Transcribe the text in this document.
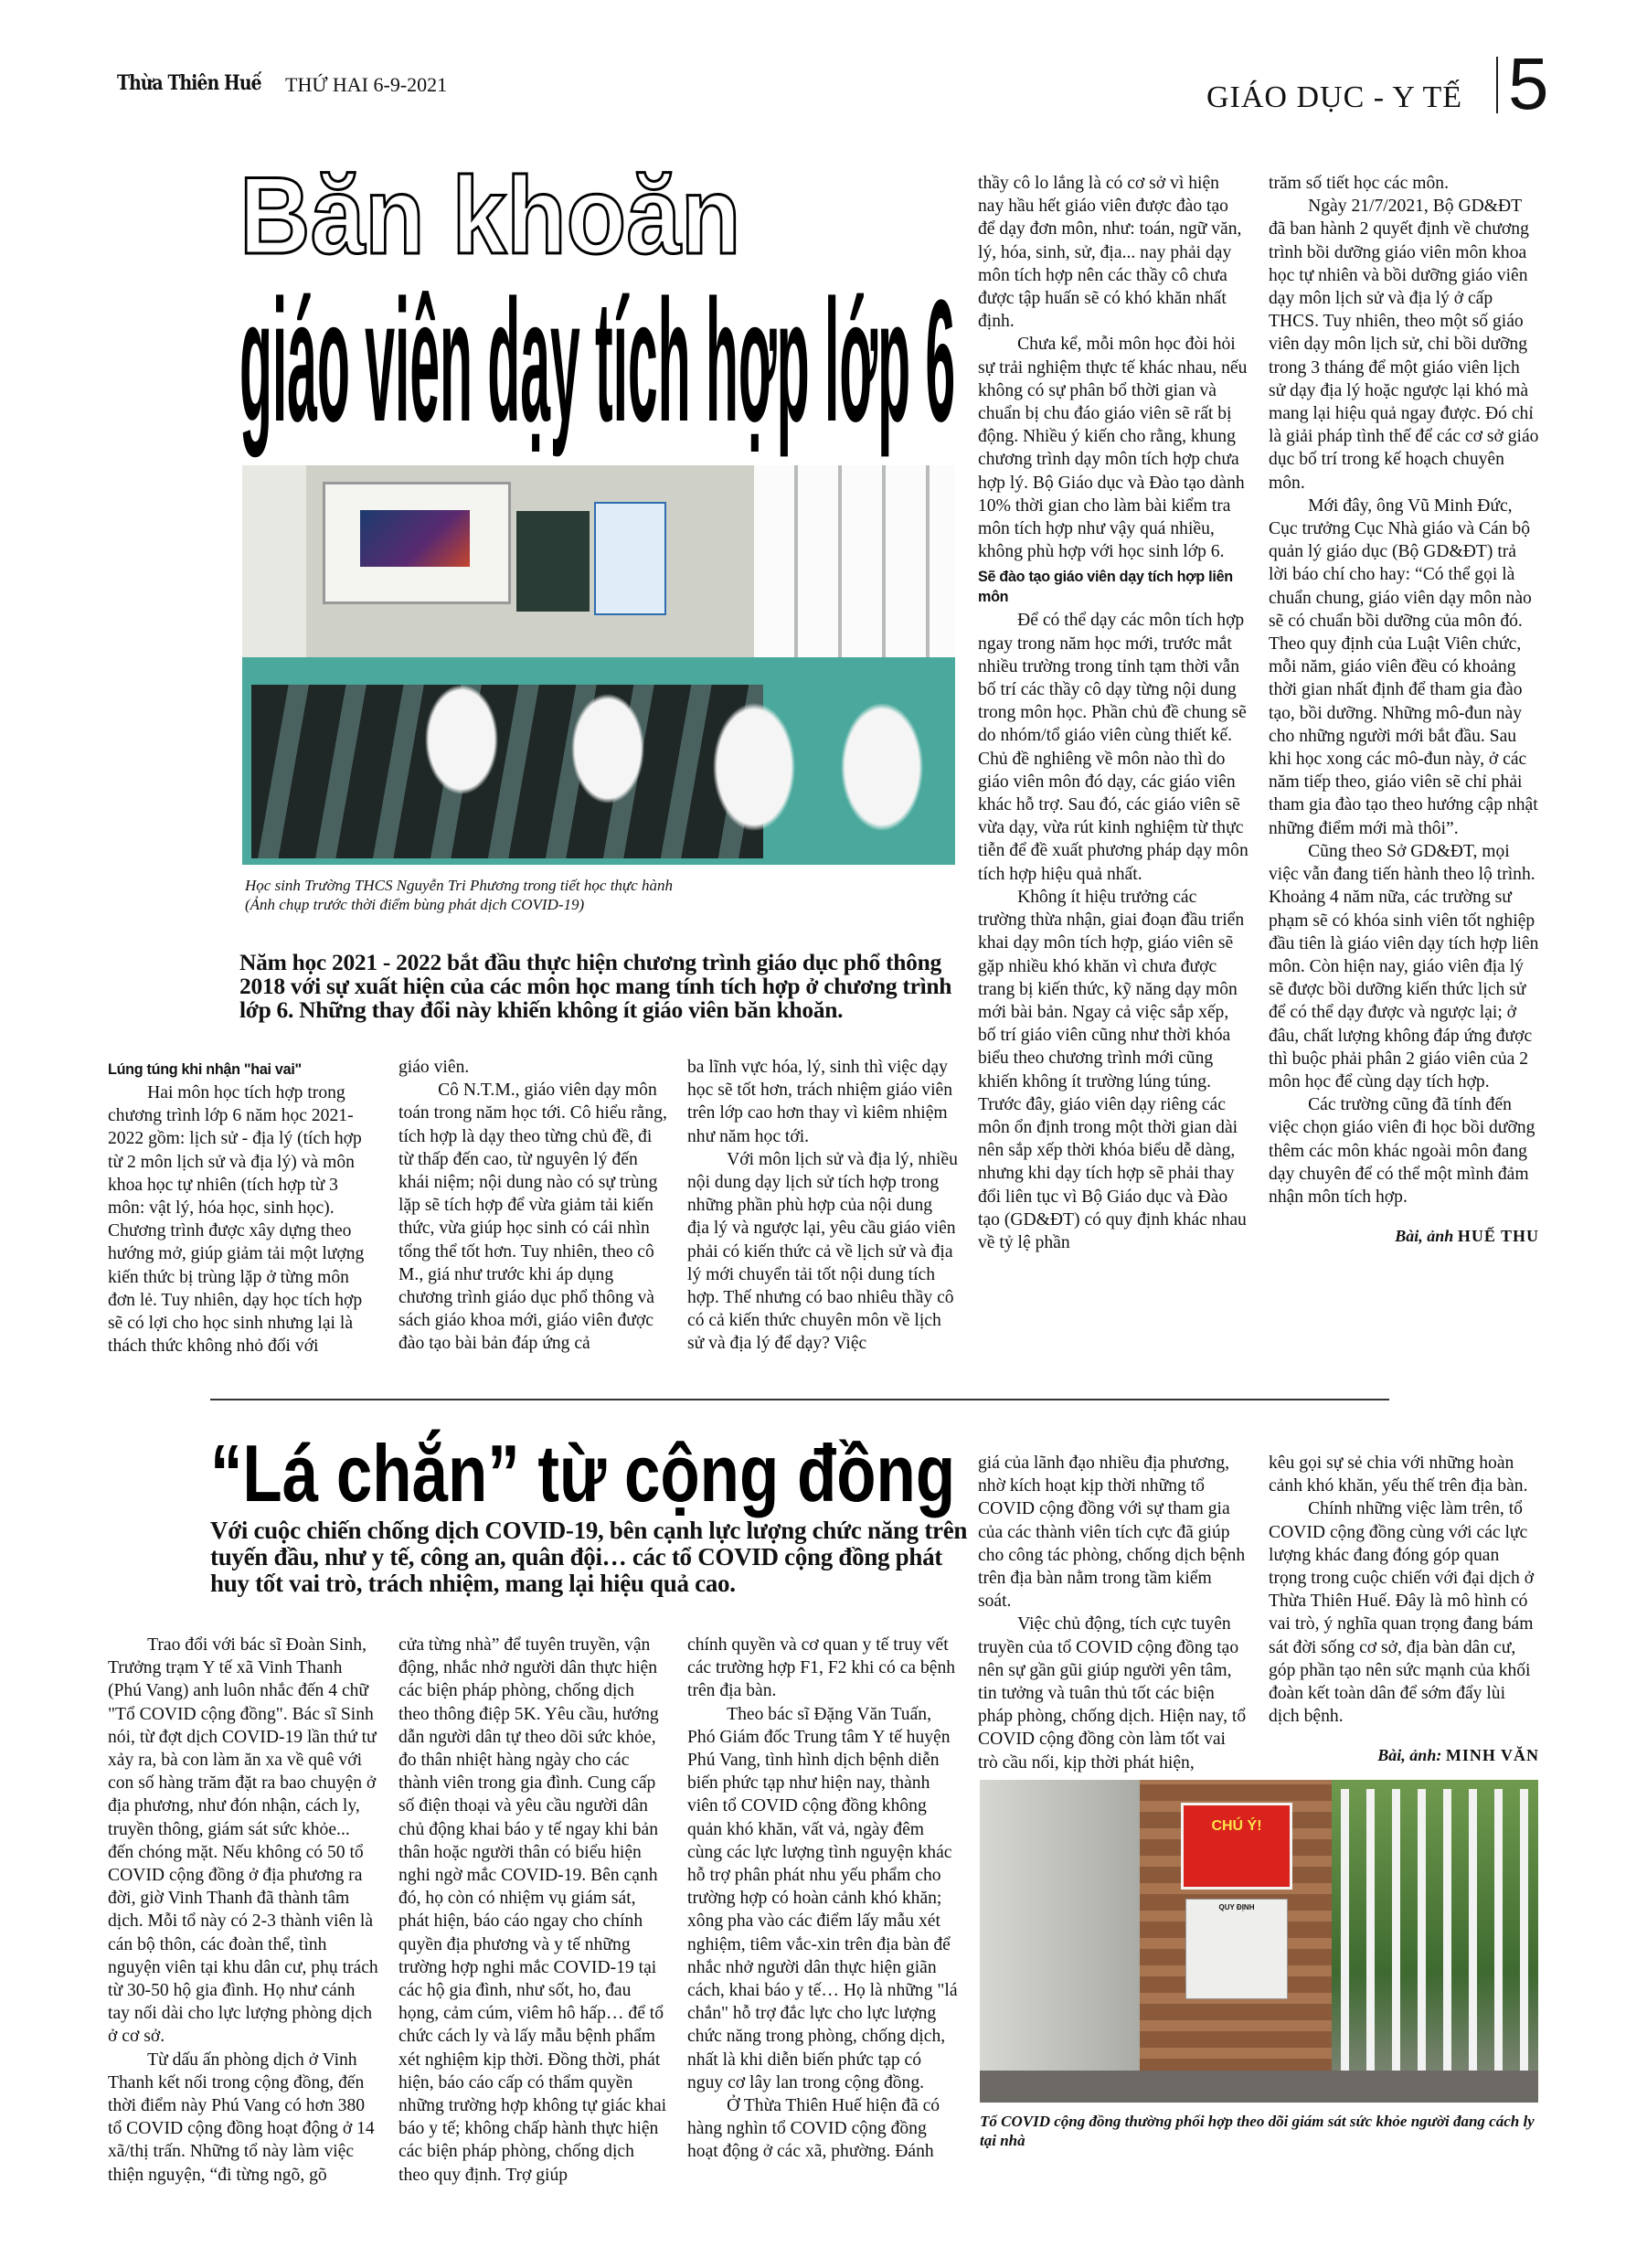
Thừa Thiên Huế THỨ HAI 6-9-2021	GIÁO DỤC - Y TẾ 5
Băn khoăn
giáo viên dạy tích hợp lớp 6
Học sinh Trường THCS Nguyễn Tri Phương trong tiết học thực hành
(Ảnh chụp trước thời điểm bùng phát dịch COVID-19)
Năm học 2021 - 2022 bắt đầu thực hiện chương trình giáo dục phổ thông 2018 với sự xuất hiện của các môn học mang tính tích hợp ở chương trình lớp 6. Những thay đổi này khiến không ít giáo viên băn khoăn.
Lúng túng khi nhận "hai vai"

Hai môn học tích hợp trong chương trình lớp 6 năm học 2021-2022 gồm: lịch sử - địa lý (tích hợp từ 2 môn lịch sử và địa lý) và môn khoa học tự nhiên (tích hợp từ 3 môn: vật lý, hóa học, sinh học). Chương trình được xây dựng theo hướng mở, giúp giảm tải một lượng kiến thức bị trùng lặp ở từng môn đơn lẻ. Tuy nhiên, dạy học tích hợp sẽ có lợi cho học sinh nhưng lại là thách thức không nhỏ đối với

giáo viên.

Cô N.T.M., giáo viên dạy môn toán trong năm học tới. Cô hiểu rằng, tích hợp là dạy theo từng chủ đề, đi từ thấp đến cao, từ nguyên lý đến khái niệm; nội dung nào có sự trùng lặp sẽ tích hợp để vừa giảm tải kiến thức, vừa giúp học sinh có cái nhìn tổng thể tốt hơn. Tuy nhiên, theo cô M., giá như trước khi áp dụng chương trình giáo dục phổ thông và sách giáo khoa mới, giáo viên được đào tạo bài bản đáp ứng cả

ba lĩnh vực hóa, lý, sinh thì việc dạy học sẽ tốt hơn, trách nhiệm giáo viên trên lớp cao hơn thay vì kiêm nhiệm như năm học tới.

Với môn lịch sử và địa lý, nhiều nội dung dạy lịch sử tích hợp trong những phần phù hợp của nội dung địa lý và ngược lại, yêu cầu giáo viên phải có kiến thức cả về lịch sử và địa lý mới chuyển tải tốt nội dung tích hợp. Thế nhưng có bao nhiêu thầy cô có cả kiến thức chuyên môn về lịch sử và địa lý để dạy? Việc

thầy cô lo lắng là có cơ sở vì hiện nay hầu hết giáo viên được đào tạo để dạy đơn môn, như: toán, ngữ văn, lý, hóa, sinh, sử, địa... nay phải dạy môn tích hợp nên các thầy cô chưa được tập huấn sẽ có khó khăn nhất định.

Chưa kể, mỗi môn học đòi hỏi sự trải nghiệm thực tế khác nhau, nếu không có sự phân bổ thời gian và chuẩn bị chu đáo giáo viên sẽ rất bị động. Nhiều ý kiến cho rằng, khung chương trình dạy môn tích hợp chưa hợp lý. Bộ Giáo dục và Đào tạo dành 10% thời gian cho làm bài kiểm tra môn tích hợp như vậy quá nhiều, không phù hợp với học sinh lớp 6.

Sẽ đào tạo giáo viên dạy tích hợp liên môn

Để có thể dạy các môn tích hợp ngay trong năm học mới, trước mắt nhiều trường trong tỉnh tạm thời vẫn bố trí các thầy cô dạy từng nội dung trong môn học. Phần chủ đề chung sẽ do nhóm/tổ giáo viên cùng thiết kế. Chủ đề nghiêng về môn nào thì do giáo viên môn đó dạy, các giáo viên khác hỗ trợ. Sau đó, các giáo viên sẽ vừa dạy, vừa rút kinh nghiệm từ thực tiễn để đề xuất phương pháp dạy môn tích hợp hiệu quả nhất.

Không ít hiệu trưởng các trường thừa nhận, giai đoạn đầu triển khai dạy môn tích hợp, giáo viên sẽ gặp nhiều khó khăn vì chưa được trang bị kiến thức, kỹ năng dạy môn mới bài bản. Ngay cả việc sắp xếp, bố trí giáo viên cũng như thời khóa biểu theo chương trình mới cũng khiến không ít trường lúng túng. Trước đây, giáo viên dạy riêng các môn ổn định trong một thời gian dài nên sắp xếp thời khóa biểu dễ dàng, nhưng khi dạy tích hợp sẽ phải thay đổi liên tục vì Bộ Giáo dục và Đào tạo (GD&ĐT) có quy định khác nhau về tỷ lệ phần

trăm số tiết học các môn.

Ngày 21/7/2021, Bộ GD&ĐT đã ban hành 2 quyết định về chương trình bồi dưỡng giáo viên môn khoa học tự nhiên và bồi dưỡng giáo viên dạy môn lịch sử và địa lý ở cấp THCS. Tuy nhiên, theo một số giáo viên dạy môn lịch sử, chỉ bồi dưỡng trong 3 tháng để một giáo viên lịch sử dạy địa lý hoặc ngược lại khó mà mang lại hiệu quả ngay được. Đó chỉ là giải pháp tình thế để các cơ sở giáo dục bố trí trong kế hoạch chuyên môn.

Mới đây, ông Vũ Minh Đức, Cục trưởng Cục Nhà giáo và Cán bộ quản lý giáo dục (Bộ GD&ĐT) trả lời báo chí cho hay: “Có thể gọi là chuẩn chung, giáo viên dạy môn nào sẽ có chuẩn bồi dưỡng của môn đó. Theo quy định của Luật Viên chức, mỗi năm, giáo viên đều có khoảng thời gian nhất định để tham gia đào tạo, bồi dưỡng. Những mô-đun này cho những người mới bắt đầu. Sau khi học xong các mô-đun này, ở các năm tiếp theo, giáo viên sẽ chỉ phải tham gia đào tạo theo hướng cập nhật những điểm mới mà thôi”.

Cũng theo Sở GD&ĐT, mọi việc vẫn đang tiến hành theo lộ trình. Khoảng 4 năm nữa, các trường sư phạm sẽ có khóa sinh viên tốt nghiệp đầu tiên là giáo viên dạy tích hợp liên môn. Còn hiện nay, giáo viên địa lý sẽ được bồi dưỡng kiến thức lịch sử để có thể dạy được và ngược lại; ở đâu, chất lượng không đáp ứng được thì buộc phải phân 2 giáo viên của 2 môn học để cùng dạy tích hợp.

Các trường cũng đã tính đến việc chọn giáo viên đi học bồi dưỡng thêm các môn khác ngoài môn đang dạy chuyên để có thể một mình đảm nhận môn tích hợp.

Bài, ảnh HUẾ THU
“Lá chắn” từ cộng đồng
Với cuộc chiến chống dịch COVID-19, bên cạnh lực lượng chức năng trên tuyến đầu, như y tế, công an, quân đội… các tổ COVID cộng đồng phát huy tốt vai trò, trách nhiệm, mang lại hiệu quả cao.

Trao đổi với bác sĩ Đoàn Sinh, Trưởng trạm Y tế xã Vinh Thanh (Phú Vang) anh luôn nhắc đến 4 chữ "Tổ COVID cộng đồng". Bác sĩ Sinh nói, từ đợt dịch COVID-19 lần thứ tư xảy ra, bà con làm ăn xa về quê với con số hàng trăm đặt ra bao chuyện ở địa phương, như đón nhận, cách ly, truyền thông, giám sát sức khỏe... đến chóng mặt. Nếu không có 50 tổ COVID cộng đồng ở địa phương ra đời, giờ Vinh Thanh đã thành tâm dịch. Mỗi tổ này có 2-3 thành viên là cán bộ thôn, các đoàn thể, tình nguyện viên tại khu dân cư, phụ trách từ 30-50 hộ gia đình. Họ như cánh tay nối dài cho lực lượng phòng dịch ở cơ sở.

Từ dấu ấn phòng dịch ở Vinh Thanh kết nối trong cộng đồng, đến thời điểm này Phú Vang có hơn 380 tổ COVID cộng đồng hoạt động ở 14 xã/thị trấn. Những tổ này làm việc thiện nguyện, “đi từng ngõ, gõ

cửa từng nhà” để tuyên truyền, vận động, nhắc nhở người dân thực hiện các biện pháp phòng, chống dịch theo thông điệp 5K. Yêu cầu, hướng dẫn người dân tự theo dõi sức khỏe, đo thân nhiệt hàng ngày cho các thành viên trong gia đình. Cung cấp số điện thoại và yêu cầu người dân chủ động khai báo y tế ngay khi bản thân hoặc người thân có biểu hiện nghi ngờ mắc COVID-19. Bên cạnh đó, họ còn có nhiệm vụ giám sát, phát hiện, báo cáo ngay cho chính quyền địa phương và y tế những trường hợp nghi mắc COVID-19 tại các hộ gia đình, như sốt, ho, đau họng, cảm cúm, viêm hô hấp… để tổ chức cách ly và lấy mẫu bệnh phẩm xét nghiệm kịp thời. Đồng thời, phát hiện, báo cáo cấp có thẩm quyền những trường hợp không tự giác khai báo y tế; không chấp hành thực hiện các biện pháp phòng, chống dịch theo quy định. Trợ giúp

chính quyền và cơ quan y tế truy vết các trường hợp F1, F2 khi có ca bệnh trên địa bàn.

Theo bác sĩ Đặng Văn Tuấn, Phó Giám đốc Trung tâm Y tế huyện Phú Vang, tình hình dịch bệnh diễn biến phức tạp như hiện nay, thành viên tổ COVID cộng đồng không quản khó khăn, vất vả, ngày đêm cùng các lực lượng tình nguyện khác hỗ trợ phân phát nhu yếu phẩm cho trường hợp có hoàn cảnh khó khăn; xông pha vào các điểm lấy mẫu xét nghiệm, tiêm vắc-xin trên địa bàn để nhắc nhở người dân thực hiện giãn cách, khai báo y tế… Họ là những "lá chắn" hỗ trợ đắc lực cho lực lượng chức năng trong phòng, chống dịch, nhất là khi diễn biến phức tạp có nguy cơ lây lan trong cộng đồng.

Ở Thừa Thiên Huế hiện đã có hàng nghìn tổ COVID cộng đồng hoạt động ở các xã, phường. Đánh

giá của lãnh đạo nhiều địa phương, nhờ kích hoạt kịp thời những tổ COVID cộng đồng với sự tham gia của các thành viên tích cực đã giúp cho công tác phòng, chống dịch bệnh trên địa bàn nằm trong tầm kiểm soát.

Việc chủ động, tích cực tuyên truyền của tổ COVID cộng đồng tạo nên sự gần gũi giúp người yên tâm, tin tưởng và tuân thủ tốt các biện pháp phòng, chống dịch. Hiện nay, tổ COVID cộng đồng còn làm tốt vai trò cầu nối, kịp thời phát hiện,

kêu gọi sự sẻ chia với những hoàn cảnh khó khăn, yếu thế trên địa bàn.

Chính những việc làm trên, tổ COVID cộng đồng cùng với các lực lượng khác đang đóng góp quan trọng trong cuộc chiến với đại dịch ở Thừa Thiên Huế. Đây là mô hình có vai trò, ý nghĩa quan trọng đang bám sát đời sống cơ sở, địa bàn dân cư, góp phần tạo nên sức mạnh của khối đoàn kết toàn dân để sớm đẩy lùi dịch bệnh.

Bài, ảnh: MINH VĂN
CHÚ Ý!
QUY ĐỊNH
Tổ COVID cộng đồng thường phối hợp theo dõi giám sát sức khỏe người đang cách ly tại nhà
